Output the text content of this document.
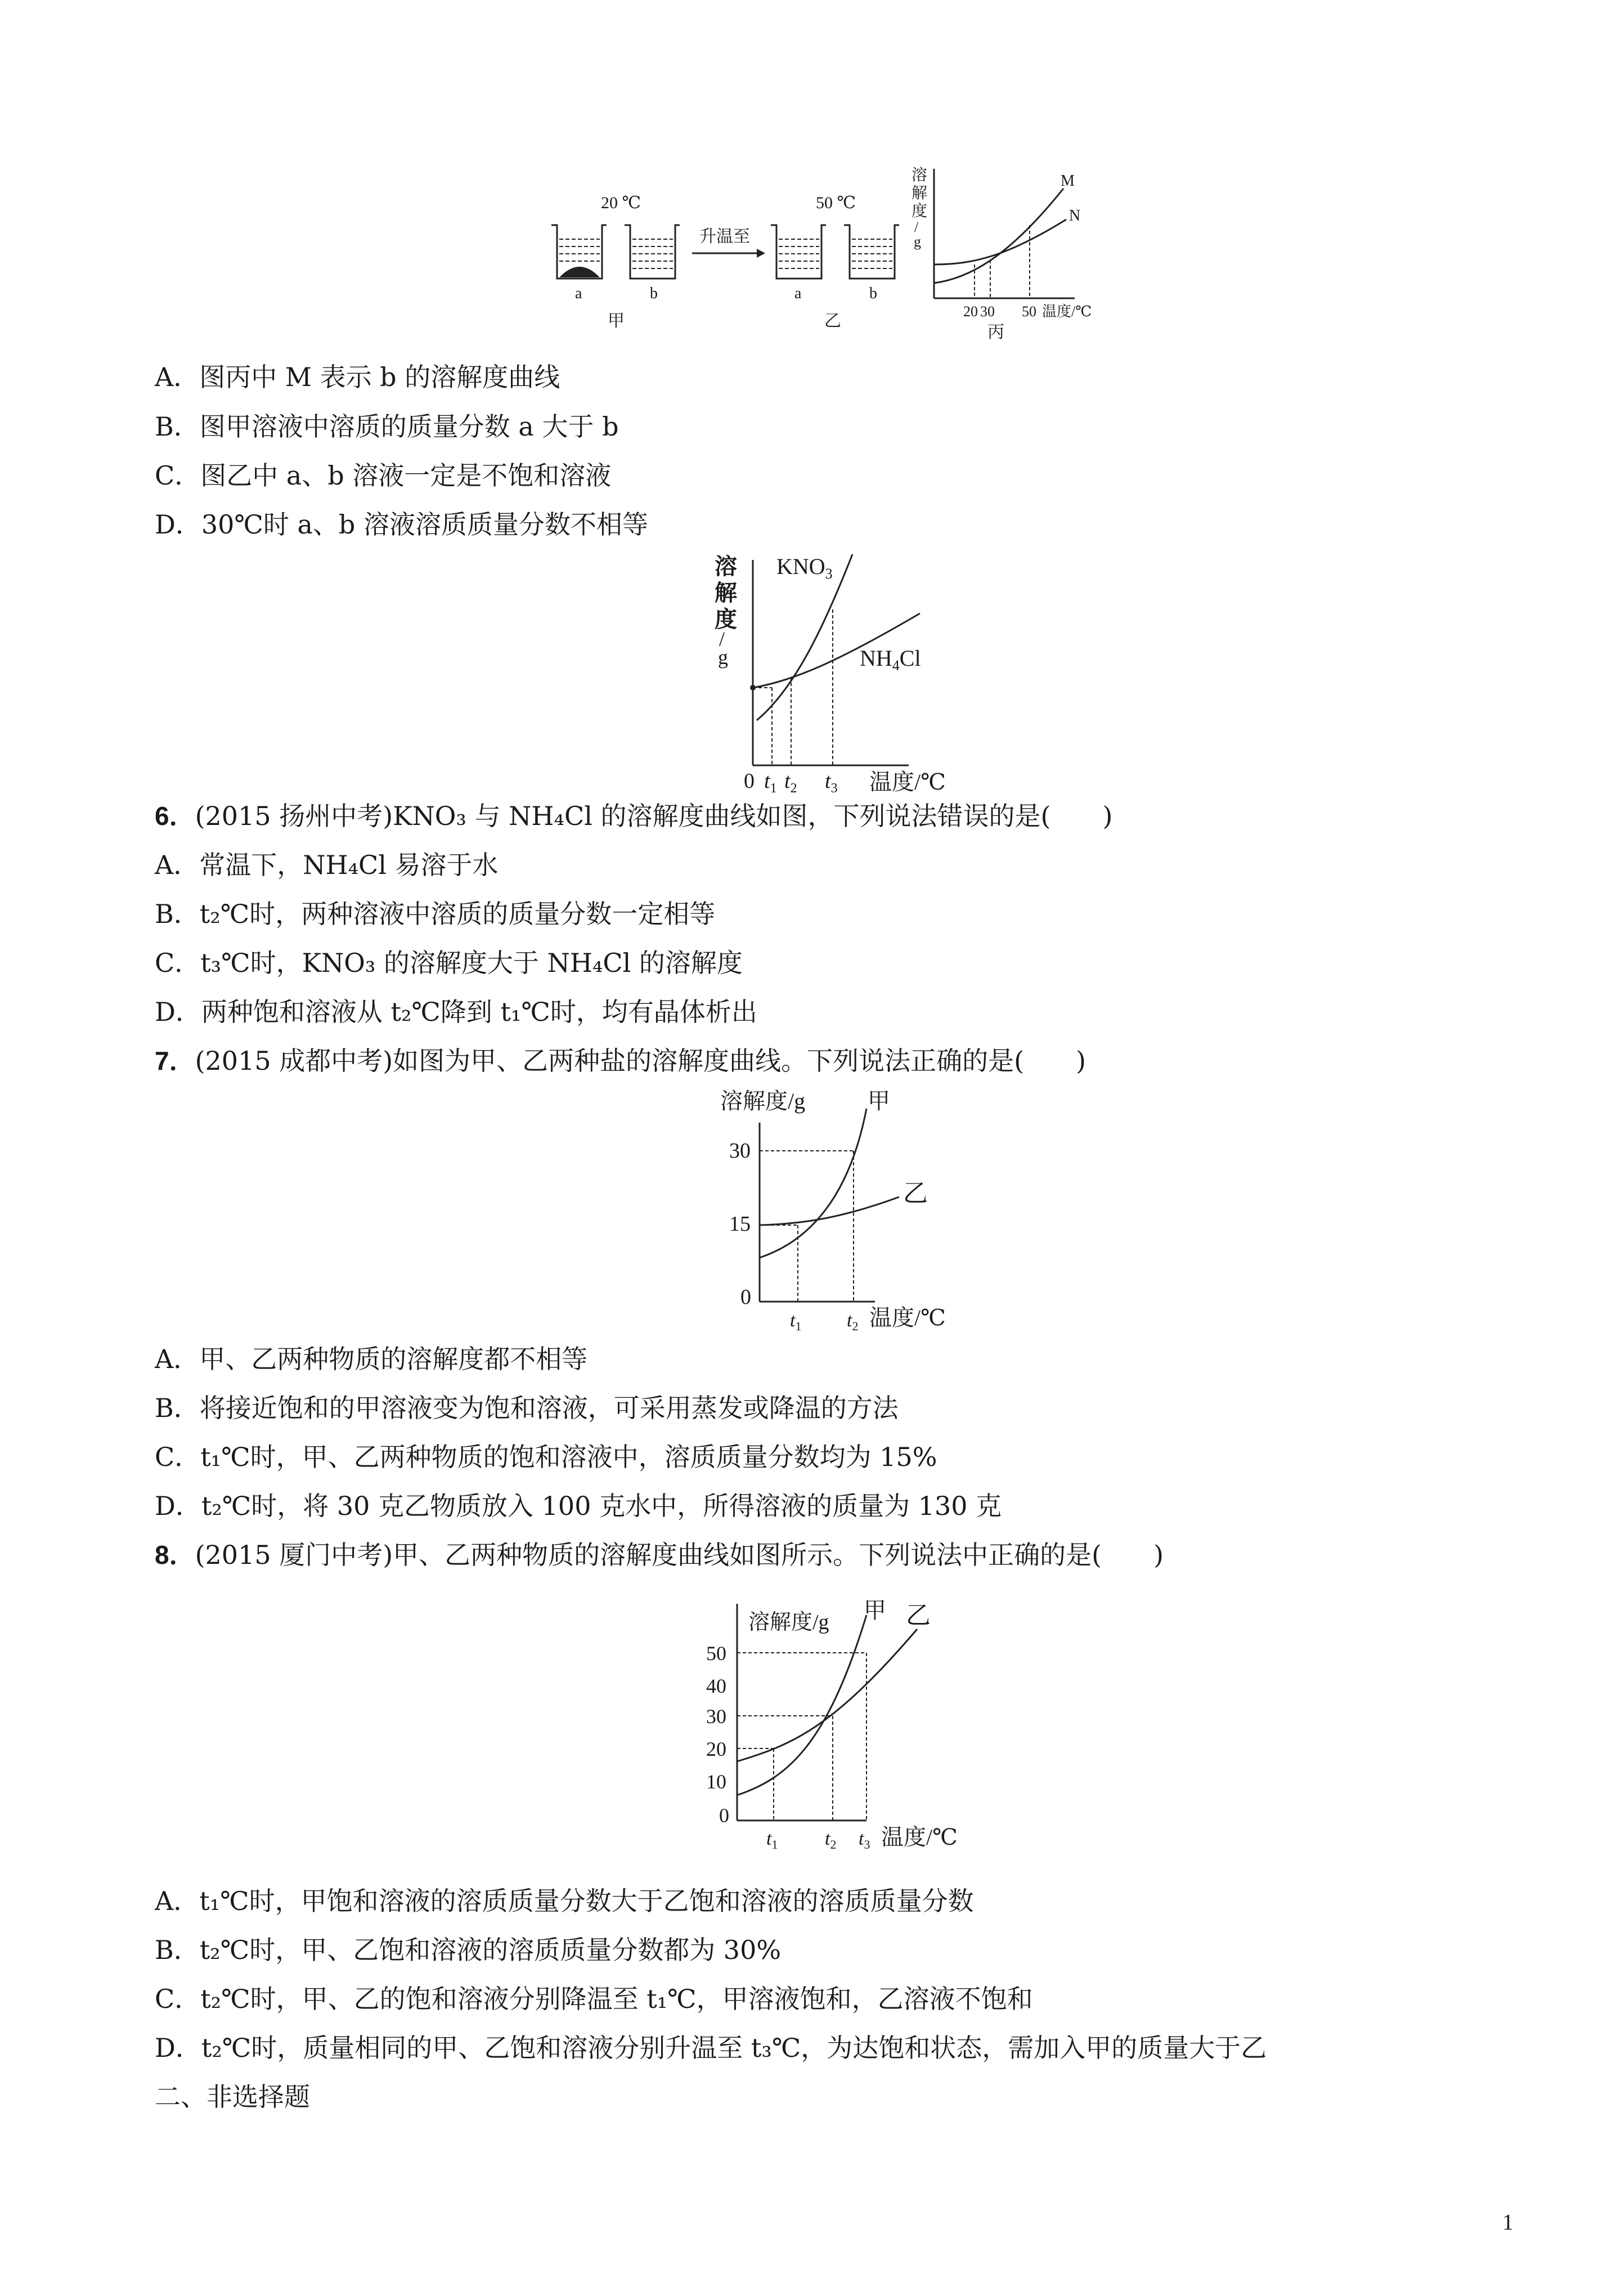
20 ℃	50 ℃
a	b
甲
升温至
a	b
乙
溶
解
度
/
g
M
N
20 30 50 温度/℃
丙
A．图丙中 M 表示 b 的溶解度曲线
B．图甲溶液中溶质的质量分数 a 大于 b
C．图乙中 a、b 溶液一定是不饱和溶液
D．30℃时 a、b 溶液溶质质量分数不相等
溶
解
度
/
g
$KNO_3$
$NH_4Cl$
0 $t_1$ $t_2$ $t_3$ 温度/℃
6．(2015 扬州中考)KNO₃ 与 NH₄Cl 的溶解度曲线如图，下列说法错误的是(　　)
A．常温下，NH₄Cl 易溶于水
B．t₂℃时，两种溶液中溶质的质量分数一定相等
C．t₃℃时，KNO₃ 的溶解度大于 NH₄Cl 的溶解度
D．两种饱和溶液从 t₂℃降到 t₁℃时，均有晶体析出
7．(2015 成都中考)如图为甲、乙两种盐的溶解度曲线。下列说法正确的是(　　)
溶解度/g	甲
乙
30
15
0
$t_1$ $t_2$ 温度/℃
A．甲、乙两种物质的溶解度都不相等
B．将接近饱和的甲溶液变为饱和溶液，可采用蒸发或降温的方法
C．t₁℃时，甲、乙两种物质的饱和溶液中，溶质质量分数均为 15%
D．t₂℃时，将 30 克乙物质放入 100 克水中，所得溶液的质量为 130 克
8．(2015 厦门中考)甲、乙两种物质的溶解度曲线如图所示。下列说法中正确的是(　　)
溶解度/g 甲 乙
50
40
30
20
10
0
$t_1$ $t_2$ $t_3$ 温度/℃
A．t₁℃时，甲饱和溶液的溶质质量分数大于乙饱和溶液的溶质质量分数
B．t₂℃时，甲、乙饱和溶液的溶质质量分数都为 30%
C．t₂℃时，甲、乙的饱和溶液分别降温至 t₁℃，甲溶液饱和，乙溶液不饱和
D．t₂℃时，质量相同的甲、乙饱和溶液分别升温至 t₃℃，为达饱和状态，需加入甲的质量大于乙
二、非选择题
1
